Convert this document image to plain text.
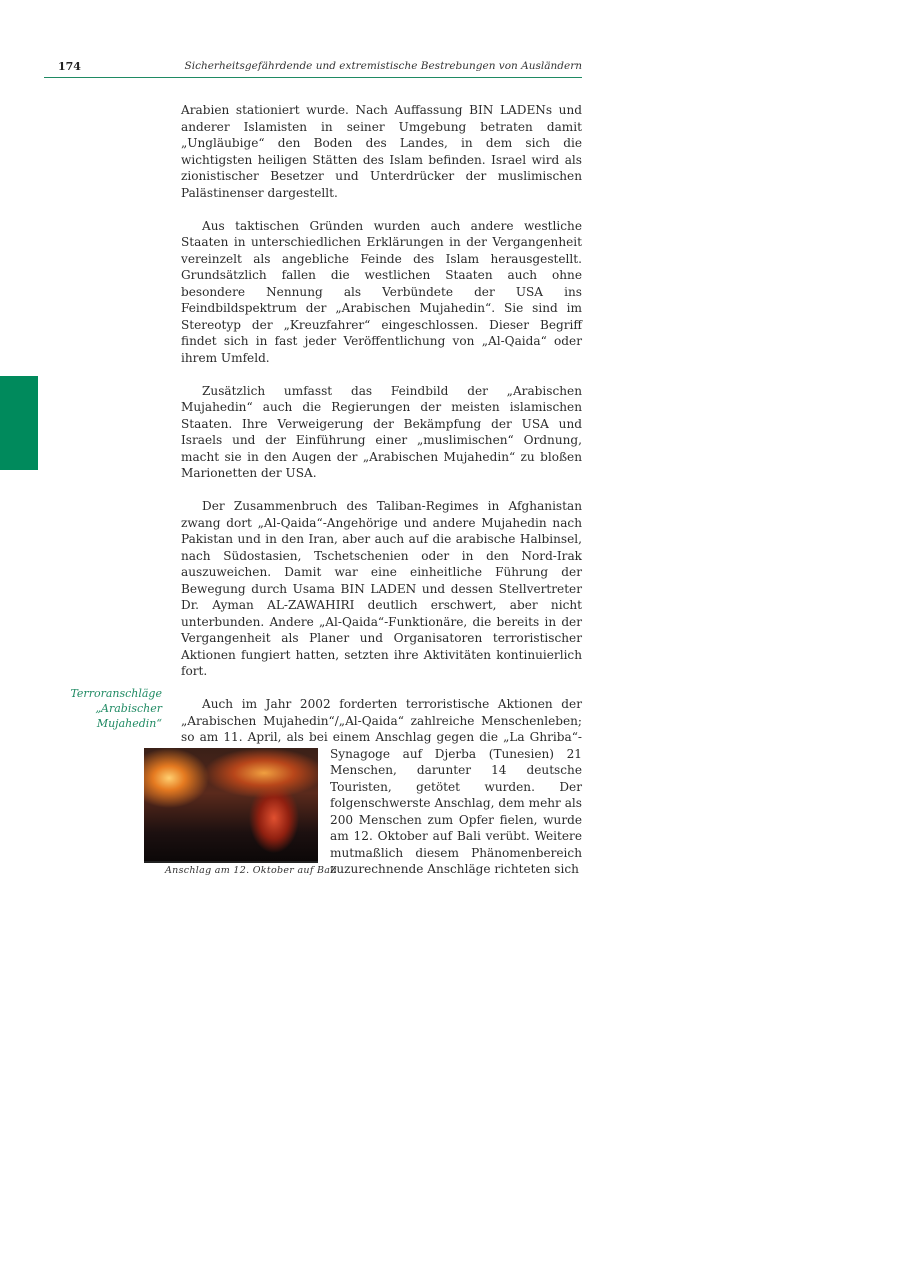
174	Sicherheitsgefährdende und extremistische Bestrebungen von Ausländern
Terroranschläge
„Arabischer
Mujahedin“

Arabien stationiert wurde. Nach Auffassung BIN LADENs und anderer Islamisten in seiner Umgebung betraten damit „Ungläubige“ den Boden des Landes, in dem sich die wichtigsten heiligen Stätten des Islam befinden. Israel wird als zionistischer Besetzer und Unterdrücker der muslimischen Palästinenser dargestellt.

Aus taktischen Gründen wurden auch andere westliche Staaten in unterschiedlichen Erklärungen in der Vergangenheit vereinzelt als angebliche Feinde des Islam herausgestellt. Grundsätzlich fallen die westlichen Staaten auch ohne besondere Nennung als Verbündete der USA ins Feindbildspektrum der „Arabischen Mujahedin“. Sie sind im Stereotyp der „Kreuzfahrer“ eingeschlossen. Dieser Begriff findet sich in fast jeder Veröffentlichung von „Al-Qaida“ oder ihrem Umfeld.

Zusätzlich umfasst das Feindbild der „Arabischen Mujahedin“ auch die Regierungen der meisten islamischen Staaten. Ihre Verweigerung der Bekämpfung der USA und Israels und der Einführung einer „muslimischen“ Ordnung, macht sie in den Augen der „Arabischen Mujahedin“ zu bloßen Marionetten der USA.

Der Zusammenbruch des Taliban-Regimes in Afghanistan zwang dort „Al-Qaida“-Angehörige und andere Mujahedin nach Pakistan und in den Iran, aber auch auf die arabische Halbinsel, nach Südostasien, Tschetschenien oder in den Nord-Irak auszuweichen. Damit war eine einheitliche Führung der Bewegung durch Usama BIN LADEN und dessen Stellvertreter Dr. Ayman AL-ZAWAHIRI deutlich erschwert, aber nicht unterbunden. Andere „Al-Qaida“-Funktionäre, die bereits in der Vergangenheit als Planer und Organisatoren terroristischer Aktionen fungiert hatten, setzten ihre Aktivitäten kontinuierlich fort.

Auch im Jahr 2002 forderten terroristische Aktionen der „Arabischen Mujahedin“/„Al-Qaida“ zahlreiche Menschenleben; so am 11. April, als bei einem Anschlag gegen die
Anschlag am 12. Oktober auf Bali
„La Ghriba“-Synagoge auf Djerba (Tunesien) 21 Menschen, darunter 14 deutsche Touristen, getötet wurden. Der folgenschwerste Anschlag, dem mehr als 200 Menschen zum Opfer fielen, wurde am 12. Oktober auf Bali verübt. Weitere mutmaßlich diesem Phänomenbereich zuzurechnende Anschläge richteten sich
